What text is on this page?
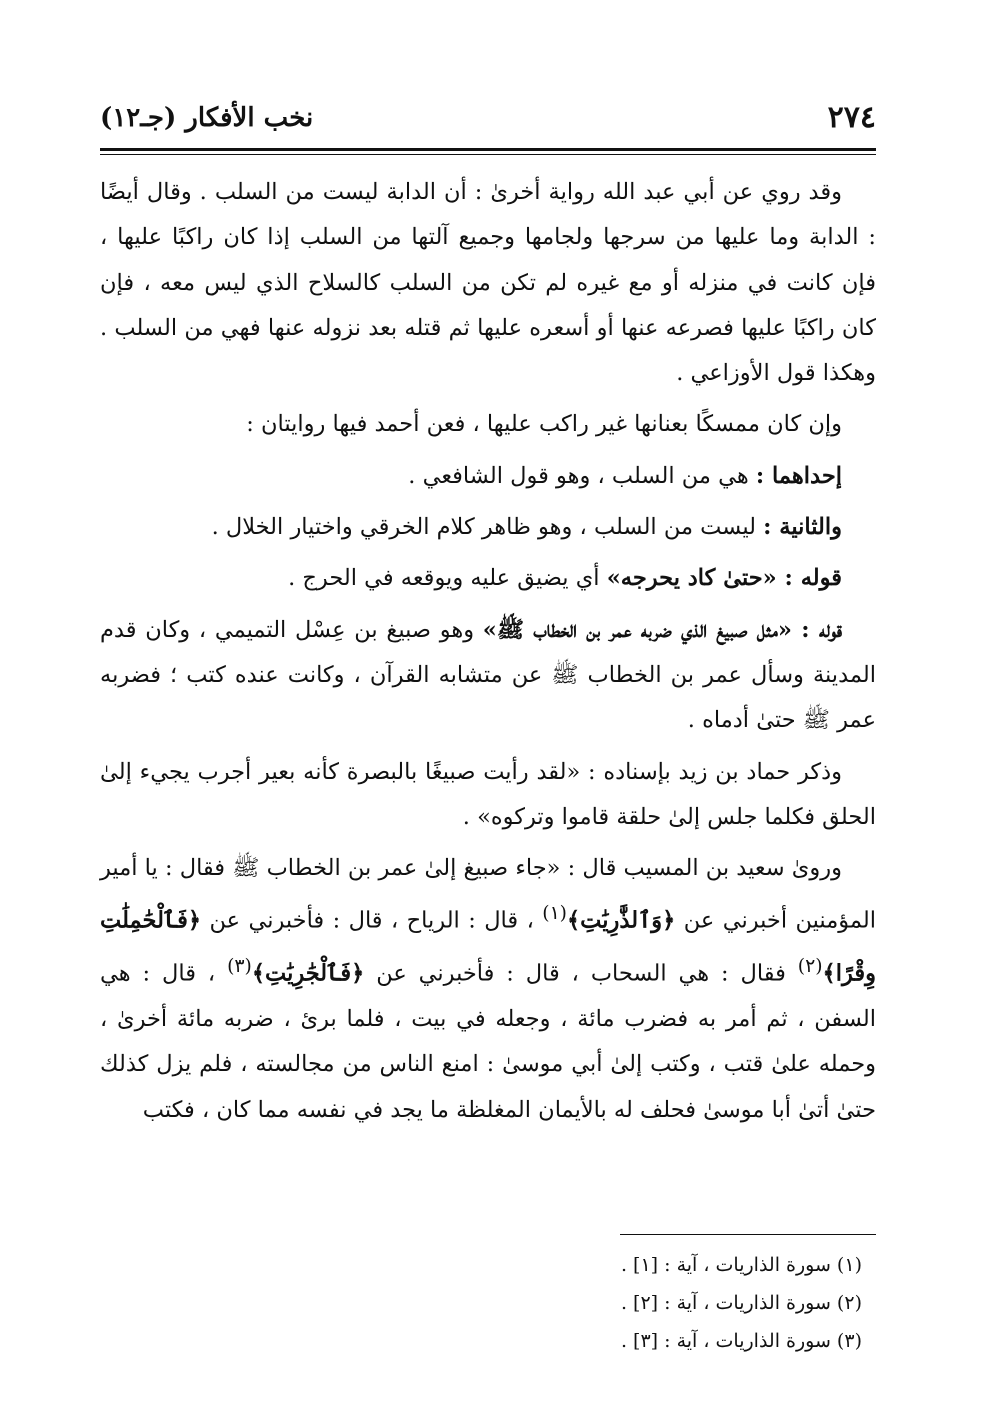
٢٧٤
نخب الأفكار (جـ١٢)

وقد روي عن أبي عبد الله رواية أخرىٰ : أن الدابة ليست من السلب . وقال أيضًا : الدابة وما عليها من سرجها ولجامها وجميع آلتها من السلب إذا كان راكبًا عليها ، فإن كانت في منزله أو مع غيره لم تكن من السلب كالسلاح الذي ليس معه ، فإن كان راكبًا عليها فصرعه عنها أو أسعره عليها ثم قتله بعد نزوله عنها فهي من السلب . وهكذا قول الأوزاعي .

وإن كان ممسكًا بعنانها غير راكب عليها ، فعن أحمد فيها روايتان :

إحداهما : هي من السلب ، وهو قول الشافعي .

والثانية : ليست من السلب ، وهو ظاهر كلام الخرقي واختيار الخلال .

قوله : «حتىٰ كاد يحرجه» أي يضيق عليه ويوقعه في الحرج .

قوله : «مثل صبيغ الذي ضربه عمر بن الخطاب ﷺ» وهو صبيغ بن عِسْل التميمي ، وكان قدم المدينة وسأل عمر بن الخطاب ﷺ عن متشابه القرآن ، وكانت عنده كتب ؛ فضربه عمر ﷺ حتىٰ أدماه .

وذكر حماد بن زيد بإسناده : «لقد رأيت صبيغًا بالبصرة كأنه بعير أجرب يجيء إلىٰ الحلق فكلما جلس إلىٰ حلقة قاموا وتركوه» .

وروىٰ سعيد بن المسيب قال : «جاء صبيغ إلىٰ عمر بن الخطاب ﷺ فقال : يا أمير المؤمنين أخبرني عن ﴿وَٱلذَّٰرِيَٰتِ﴾$^{(١)}$ ، قال : الرياح ، قال : فأخبرني عن ﴿فَٱلْحَٰمِلَٰتِ وِقْرًا﴾$^{(٢)}$ فقال : هي السحاب ، قال : فأخبرني عن ﴿فَٱلْجَٰرِيَٰتِ﴾$^{(٣)}$ ، قال : هي السفن ، ثم أمر به فضرب مائة ، وجعله في بيت ، فلما برئ ، ضربه مائة أخرىٰ ، وحمله علىٰ قتب ، وكتب إلىٰ أبي موسىٰ : امنع الناس من مجالسته ، فلم يزل كذلك حتىٰ أتىٰ أبا موسىٰ فحلف له بالأيمان المغلظة ما يجد في نفسه مما كان ، فكتب

(١) سورة الذاريات ، آية : [١] .
(٢) سورة الذاريات ، آية : [٢] .
(٣) سورة الذاريات ، آية : [٣] .
